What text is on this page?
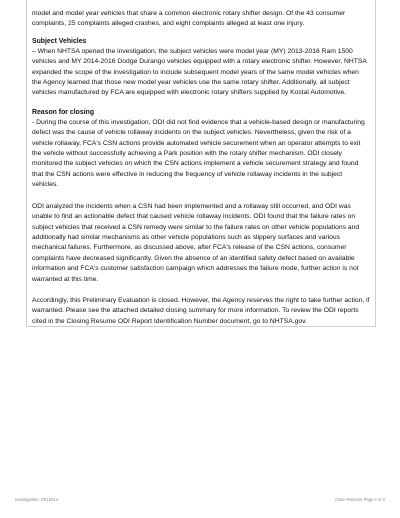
model and model year vehicles that share a common electronic rotary shifter design. Of the 43 consumer complaints, 25 complaints alleged crashes, and eight complaints alleged at least one injury.

Subject Vehicles

– When NHTSA opened the investigation, the subject vehicles were model year (MY) 2013-2016 Ram 1500 vehicles and MY 2014-2016 Dodge Durango vehicles equipped with a rotary electronic shifter. However, NHTSA expanded the scope of the investigation to include subsequent model years of the same model vehicles when the Agency learned that those new model year vehicles use the same rotary shifter. Additionally, all subject vehicles manufactured by FCA are equipped with electronic rotary shifters supplied by Kostal Automotive.

Reason for closing

- During the course of this investigation, ODI did not find evidence that a vehicle-based design or manufacturing defect was the cause of vehicle rollaway incidents on the subject vehicles. Nevertheless, given the risk of a vehicle rollaway, FCA's CSN actions provide automated vehicle securement when an operator attempts to exit the vehicle without successfully achieving a Park position with the rotary shifter mechanism. ODI closely monitored the subject vehicles on which the CSN actions implement a vehicle securement strategy and found that the CSN actions were effective in reducing the frequency of vehicle rollaway incidents in the subject vehicles.

ODI analyzed the incidents when a CSN had been implemented and a rollaway still occurred, and ODI was unable to find an actionable defect that caused vehicle rollaway incidents. ODI found that the failure rates on subject vehicles that received a CSN remedy were similar to the failure rates on other vehicle populations and additionally had similar mechanisms as other vehicle populations such as slippery surfaces and various mechanical failures. Furthermore, as discussed above, after FCA's release of the CSN actions, consumer complaints have decreased significantly. Given the absence of an identified safety defect based on available information and FCA's customer satisfaction campaign which addresses the failure mode, further action is not warranted at this time.

Accordingly, this Preliminary Evaluation is closed. However, the Agency reserves the right to take further action, if warranted. Please see the attached detailed closing summary for more information. To review the ODI reports cited in the Closing Resume ODI Report Identification Number document, go to NHTSA.gov.

Investigation: PE16014	Close Resume Page 2 of 2
